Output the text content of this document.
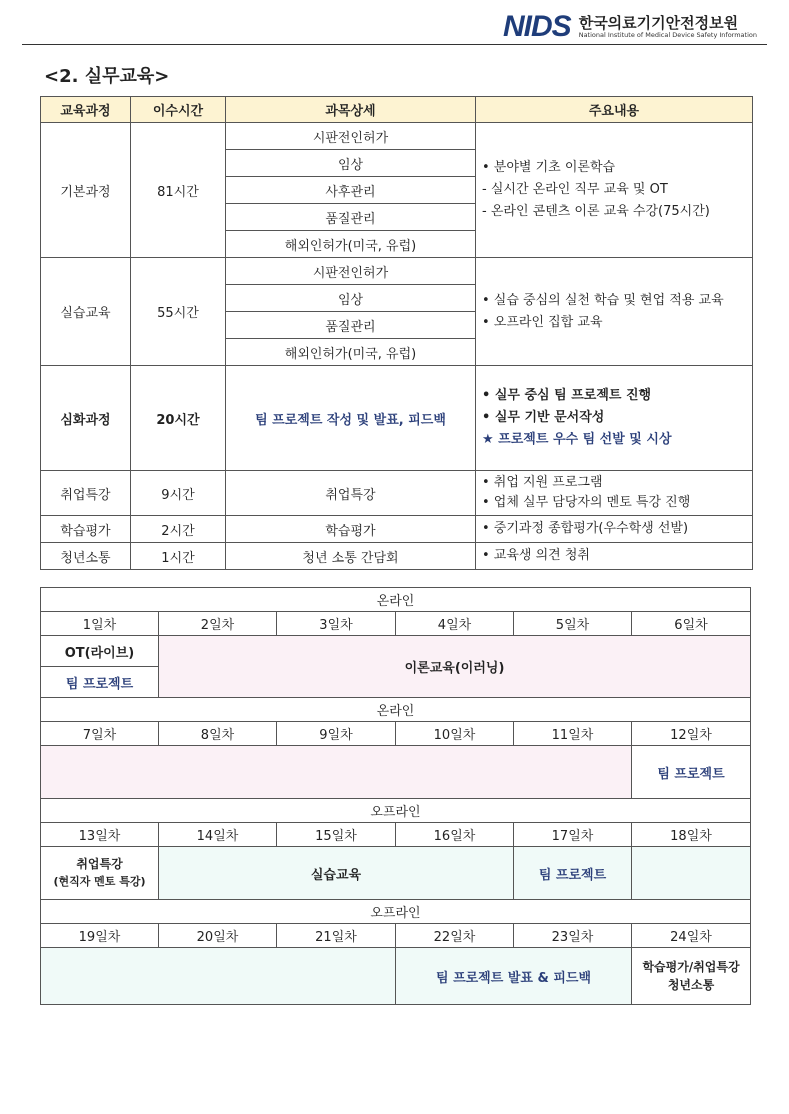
NIDS 한국의료기기안전정보원
National Institute of Medical Device Safety Information
<2. 실무교육>
교육과정	이수시간	과목상세	주요내용
기본과정	81시간	시판전인허가	• 분야별 기초 이론학습
- 실시간 온라인 직무 교육 및 OT
- 온라인 콘텐츠 이론 교육 수강(75시간)

		임상	
		사후관리	
		품질관리	
		해외인허가(미국, 유럽)	
실습교육	55시간	시판전인허가	• 실습 중심의 실천 학습 및 현업 적용 교육
• 오프라인 집합 교육

		임상	
		품질관리	
		해외인허가(미국, 유럽)	
심화과정	20시간	팀 프로젝트 작성 및 발표, 피드백	• 실무 중심 팀 프로젝트 진행
• 실무 기반 문서작성
★ 프로젝트 우수 팀 선발 및 시상

취업특강	9시간	취업특강	• 취업 지원 프로그램
• 업체 실무 담당자의 멘토 특강 진행

학습평가	2시간	학습평가	• 중기과정 종합평가(우수학생 선발)
청년소통	1시간	청년 소통 간담회	• 교육생 의견 청취
온라인					
1일차	2일차	3일차	4일차	5일차	6일차
OT(라이브)	이론교육(이러닝)				
팀 프로젝트					
온라인					
7일차	8일차	9일차	10일차	11일차	12일차
					팀 프로젝트
오프라인					
13일차	14일차	15일차	16일차	17일차	18일차

취업특강
(현직자 멘토 특강)	실습교육			팀 프로젝트	
오프라인					
19일차	20일차	21일차	22일차	23일차	24일차
			팀 프로젝트 발표 & 피드백		학습평가/취업특강
청년소통
